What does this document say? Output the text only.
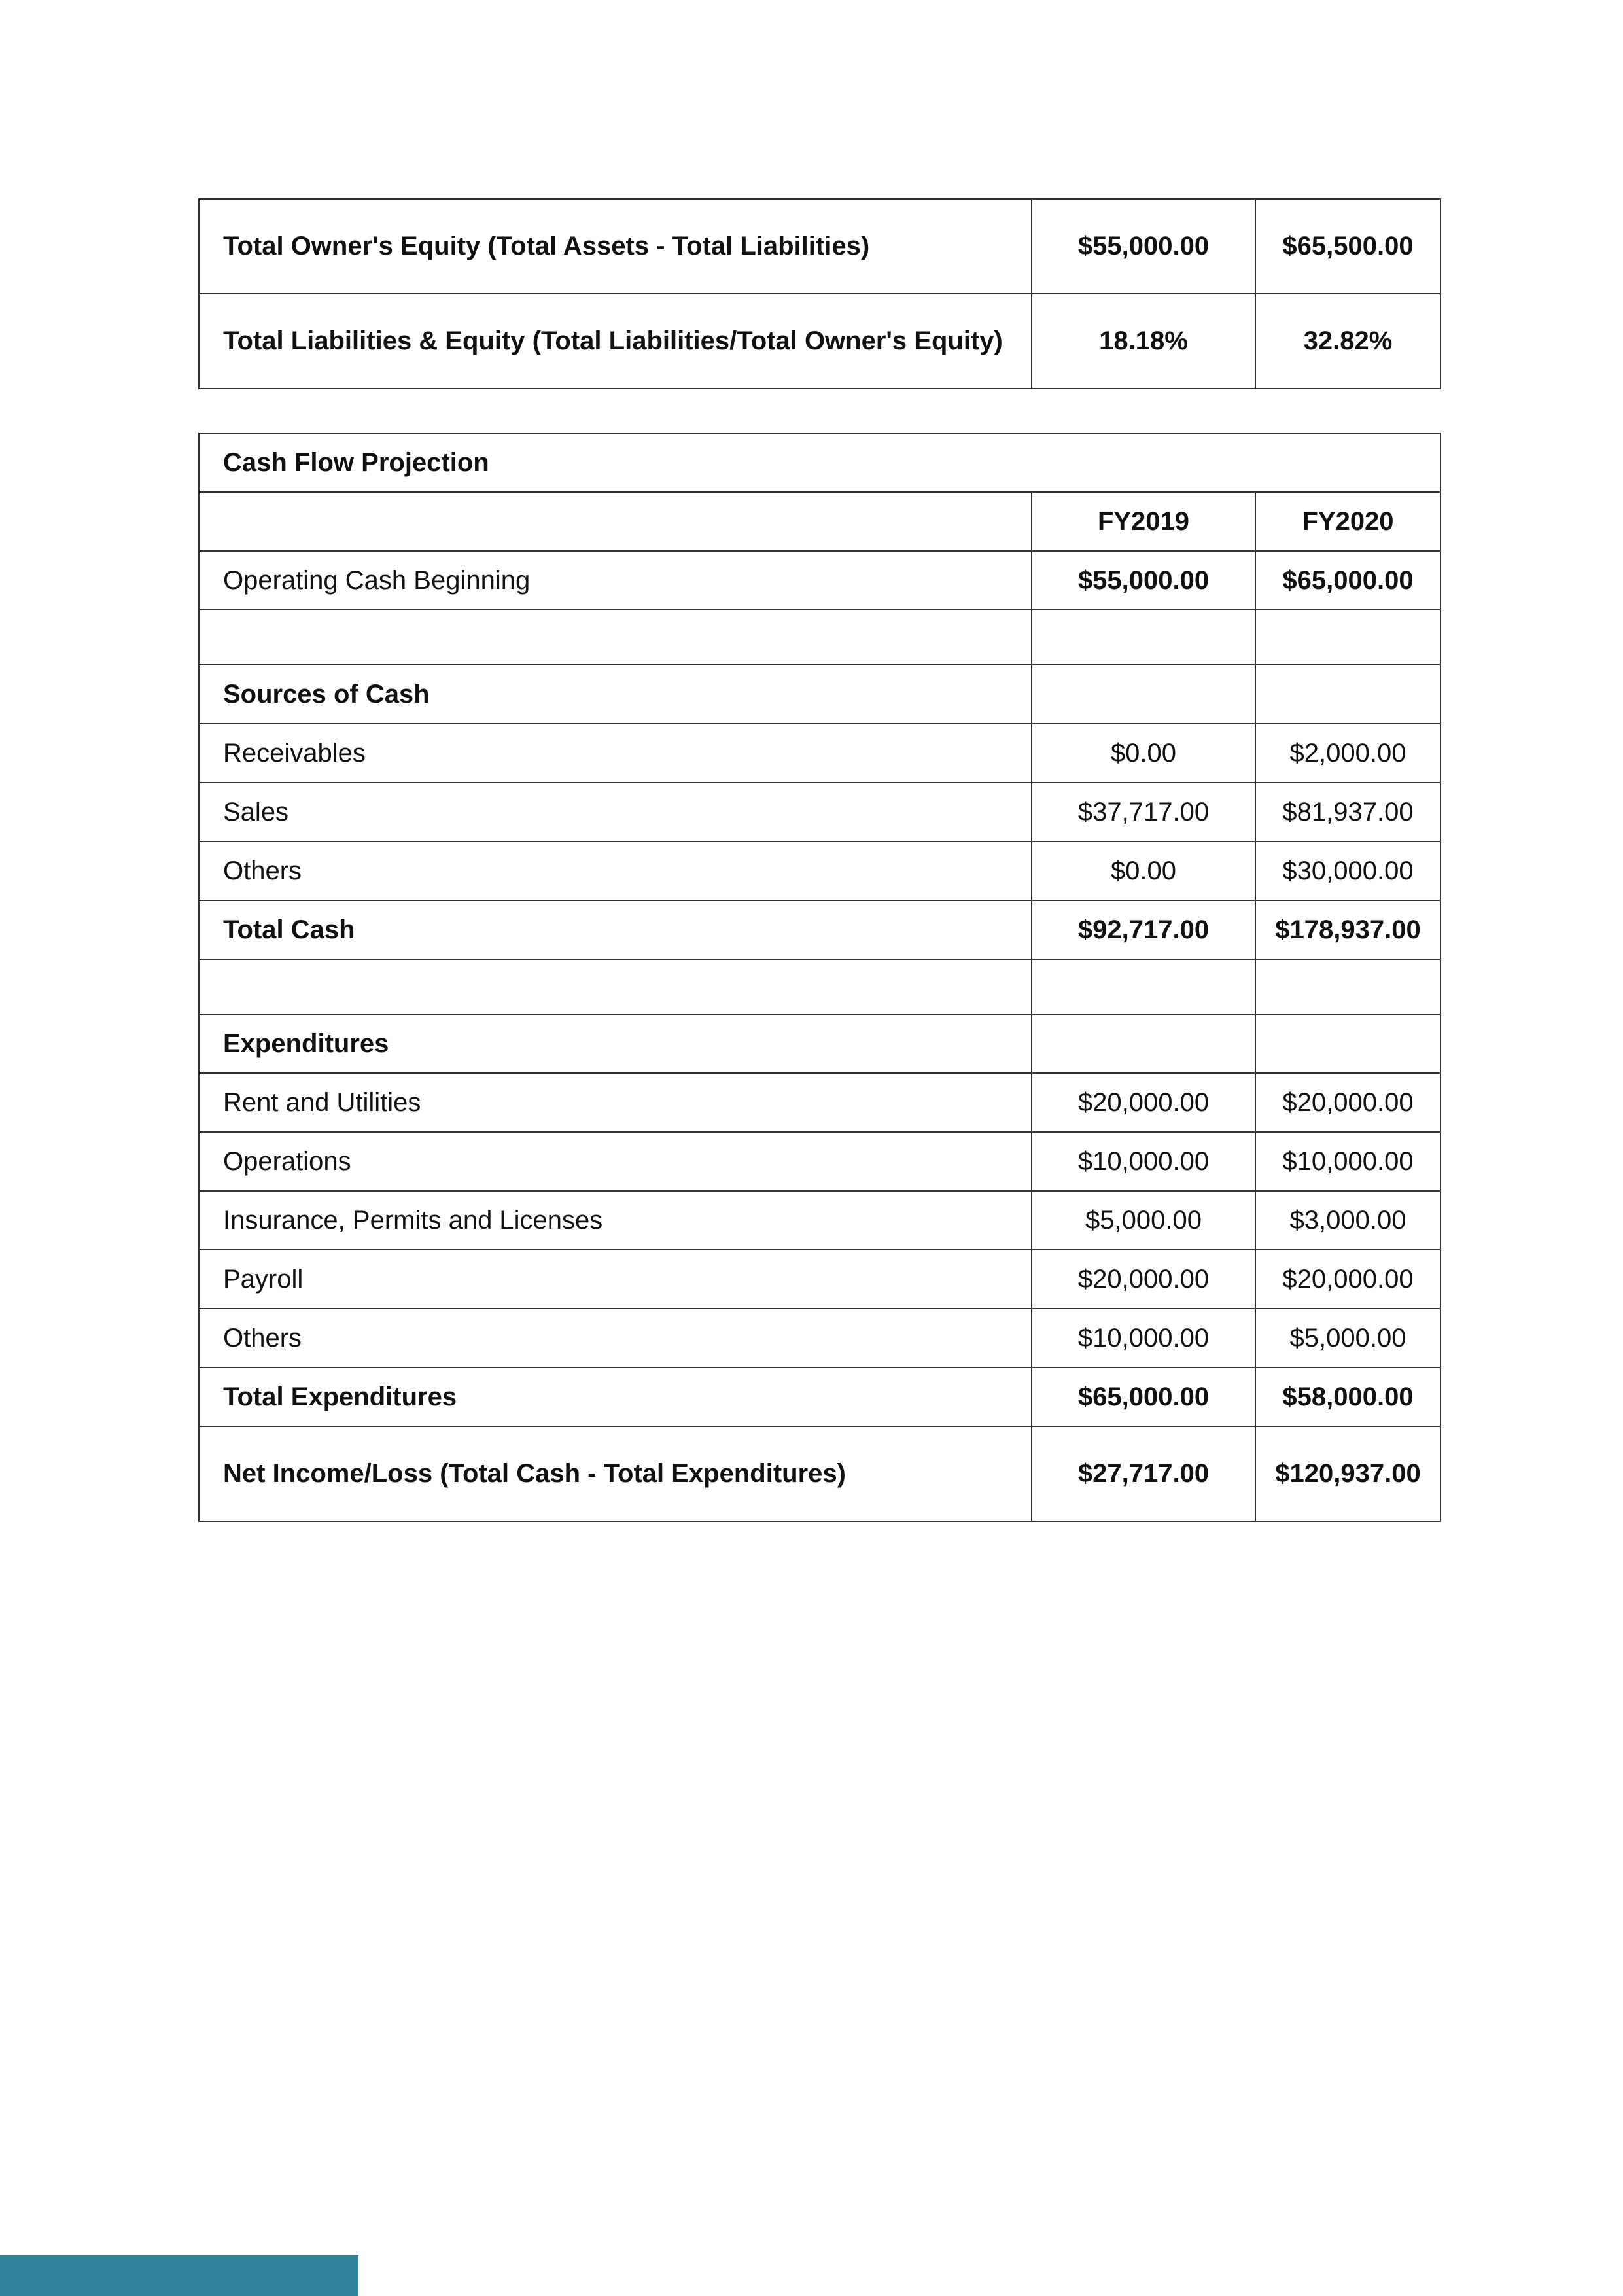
Total Owner's Equity (Total Assets - Total Liabilities)	$55,000.00	$65,500.00
Total Liabilities & Equity (Total Liabilities/Total Owner's Equity)	18.18%	32.82%
Cash Flow Projection		
	FY2019	FY2020
Operating Cash Beginning	$55,000.00	$65,000.00

Sources of Cash		
Receivables	$0.00	$2,000.00
Sales	$37,717.00	$81,937.00
Others	$0.00	$30,000.00
Total Cash	$92,717.00	$178,937.00

Expenditures		
Rent and Utilities	$20,000.00	$20,000.00
Operations	$10,000.00	$10,000.00
Insurance, Permits and Licenses	$5,000.00	$3,000.00
Payroll	$20,000.00	$20,000.00
Others	$10,000.00	$5,000.00
Total Expenditures	$65,000.00	$58,000.00
Net Income/Loss (Total Cash - Total Expenditures)	$27,717.00	$120,937.00
